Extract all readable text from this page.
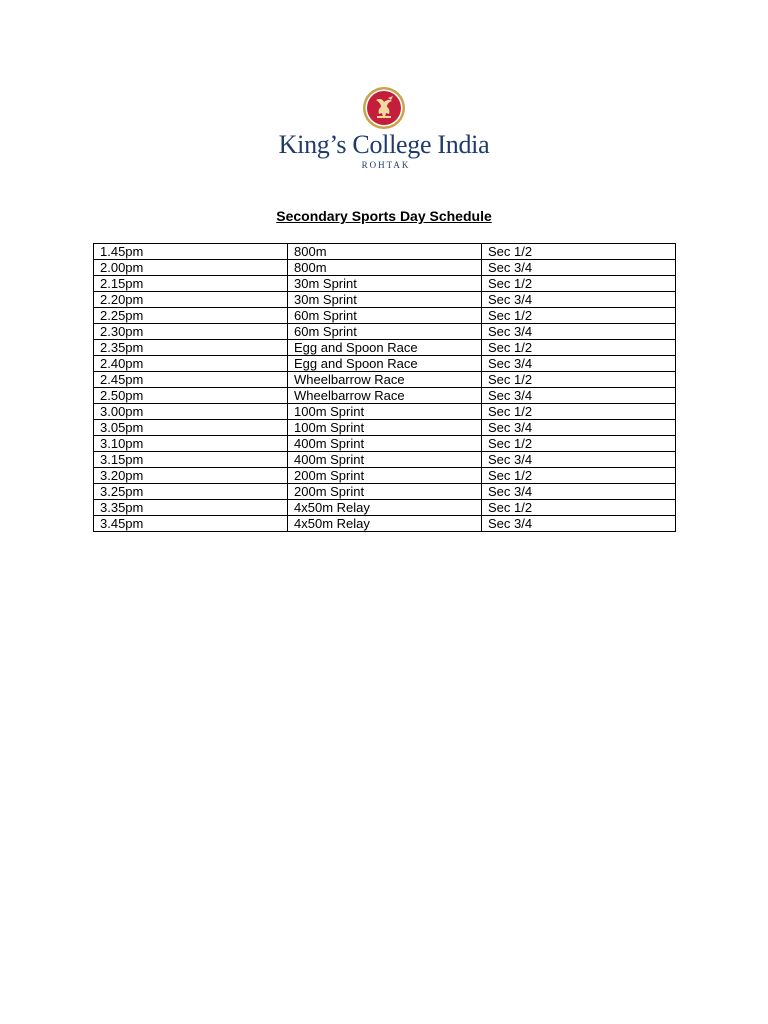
King’s College India
ROHTAK
Secondary Sports Day Schedule
1.45pm	800m	Sec 1/2
2.00pm	800m	Sec 3/4
2.15pm	30m Sprint	Sec 1/2
2.20pm	30m Sprint	Sec 3/4
2.25pm	60m Sprint	Sec 1/2
2.30pm	60m Sprint	Sec 3/4
2.35pm	Egg and Spoon Race	Sec 1/2
2.40pm	Egg and Spoon Race	Sec 3/4
2.45pm	Wheelbarrow Race	Sec 1/2
2.50pm	Wheelbarrow Race	Sec 3/4
3.00pm	100m Sprint	Sec 1/2
3.05pm	100m Sprint	Sec 3/4
3.10pm	400m Sprint	Sec 1/2
3.15pm	400m Sprint	Sec 3/4
3.20pm	200m Sprint	Sec 1/2
3.25pm	200m Sprint	Sec 3/4
3.35pm	4x50m Relay	Sec 1/2
3.45pm	4x50m Relay	Sec 3/4
